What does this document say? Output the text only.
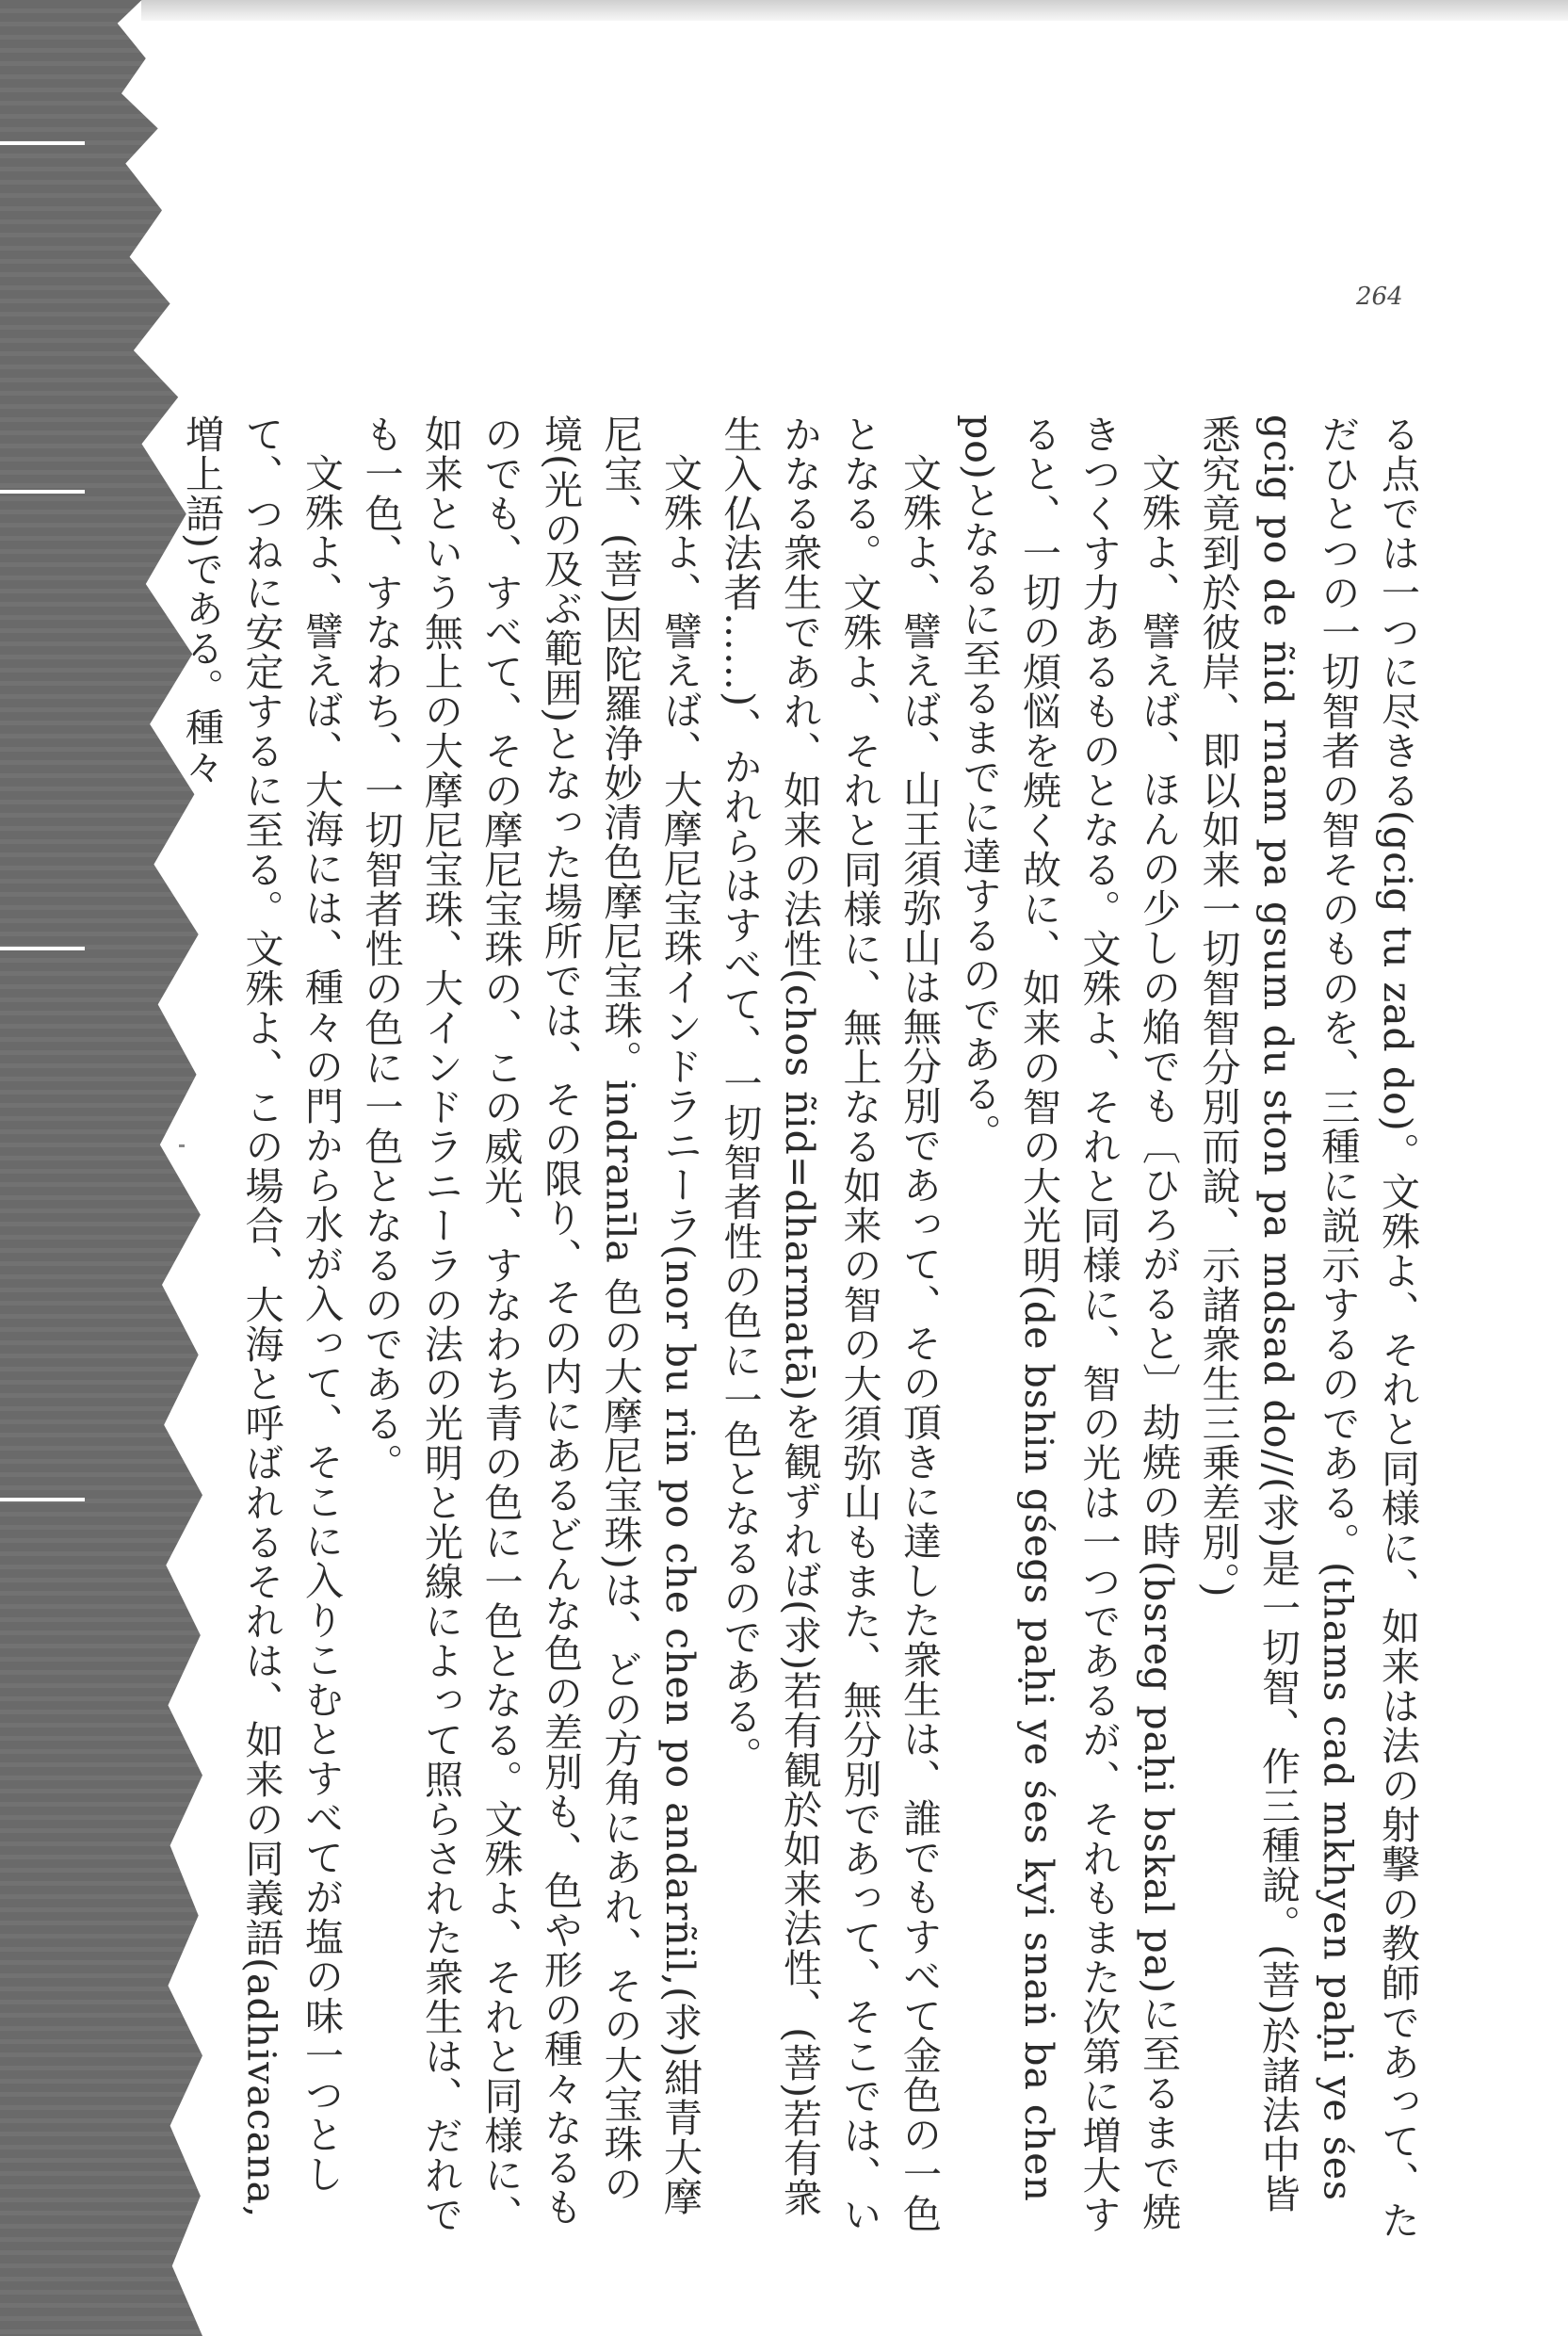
264

る点では一つに尽きる(gcig tu zad do)。文殊よ、それと同様に、如来は法の射撃の教師であって、ただひとつの一切智者の智そのものを、三種に説示するのである。(thams cad mkhyen paḥi ye śes gcig po de ñid rnam pa gsum du ston pa mdsad do//(求)是一切智、作三種說。(菩)於諸法中皆悉究竟到於彼岸、即以如来一切智智分別而說、示諸衆生三乗差別。)

文殊よ、譬えば、ほんの少しの焔でも〔ひろがると〕劫焼の時(bsreg paḥi bskal pa)に至るまで焼きつくす力あるものとなる。文殊よ、それと同様に、智の光は一つであるが、それもまた次第に増大すると、一切の煩悩を焼く故に、如来の智の大光明(de bshin gśegs paḥi ye śes kyi snaṅ ba chen po)となるに至るまでに達するのである。

文殊よ、譬えば、山王須弥山は無分別であって、その頂きに達した衆生は、誰でもすべて金色の一色となる。文殊よ、それと同様に、無上なる如来の智の大須弥山もまた、無分別であって、そこでは、いかなる衆生であれ、如来の法性(chos ñid=dharmatā)を観ずれば(求)若有観於如来法性、(菩)若有衆生入仏法者……)、かれらはすべて、一切智者性の色に一色となるのである。

文殊よ、譬えば、大摩尼宝珠インドラニーラ(nor bu rin po che chen po andarñil,(求)紺青大摩尼宝、(菩)因陀羅浄妙清色摩尼宝珠。indranīla 色の大摩尼宝珠)は、どの方角にあれ、その大宝珠の境(光の及ぶ範囲)となった場所では、その限り、その内にあるどんな色の差別も、色や形の種々なるものでも、すべて、その摩尼宝珠の、この威光、すなわち青の色に一色となる。文殊よ、それと同様に、如来という無上の大摩尼宝珠、大インドラニーラの法の光明と光線によって照らされた衆生は、だれでも一色、すなわち、一切智者性の色に一色となるのである。

文殊よ、譬えば、大海には、種々の門から水が入って、そこに入りこむとすべてが塩の味一つとして、つねに安定するに至る。文殊よ、この場合、大海と呼ばれるそれは、如来の同義語(adhivacana, 増上語)である。種々
